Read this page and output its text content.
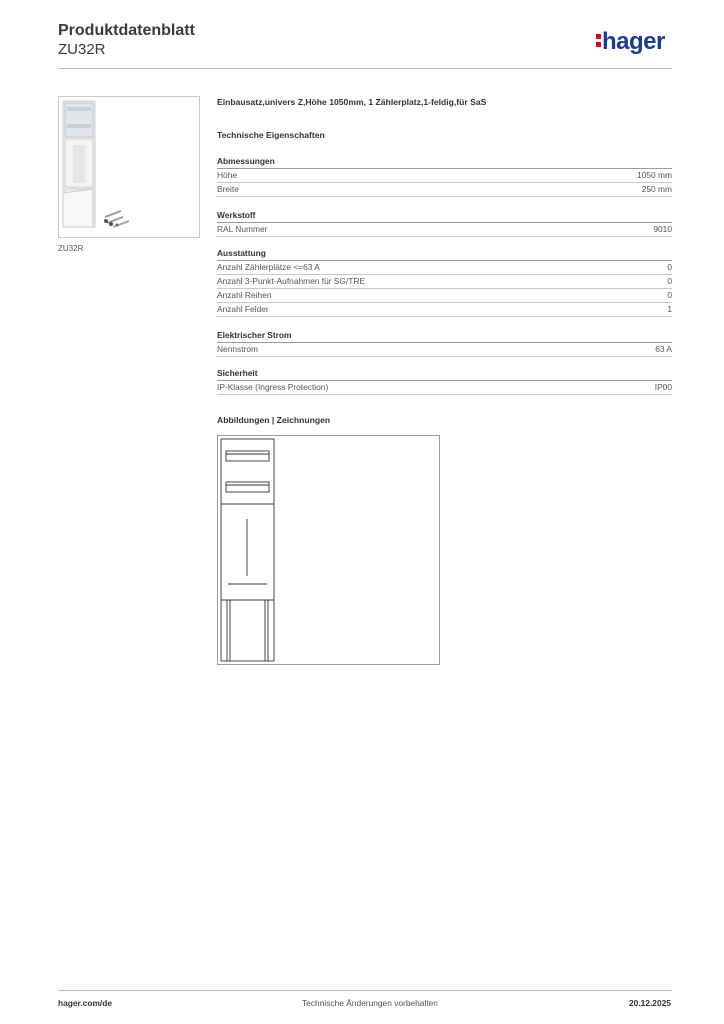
Produktdatenblatt
ZU32R	hager
ZU32R
Einbausatz,univers Z,Höhe 1050mm, 1 Zählerplatz,1-feldig,für SaS
Technische Eigenschaften
Abmessungen
Höhe	1050 mm
Breite	250 mm
Werkstoff
RAL Nummer	9010
Ausstattung
Anzahl Zählerplätze <=63 A	0
Anzahl 3-Punkt-Aufnahmen für SG/TRE	0
Anzahl Reihen	0
Anzahl Felder	1
Elektrischer Strom
Nennstrom	63 A
Sicherheit
IP-Klasse (Ingress Protection)	IP00
Abbildungen | Zeichnungen
hager.com/de	Technische Änderungen vorbehalten	20.12.2025
